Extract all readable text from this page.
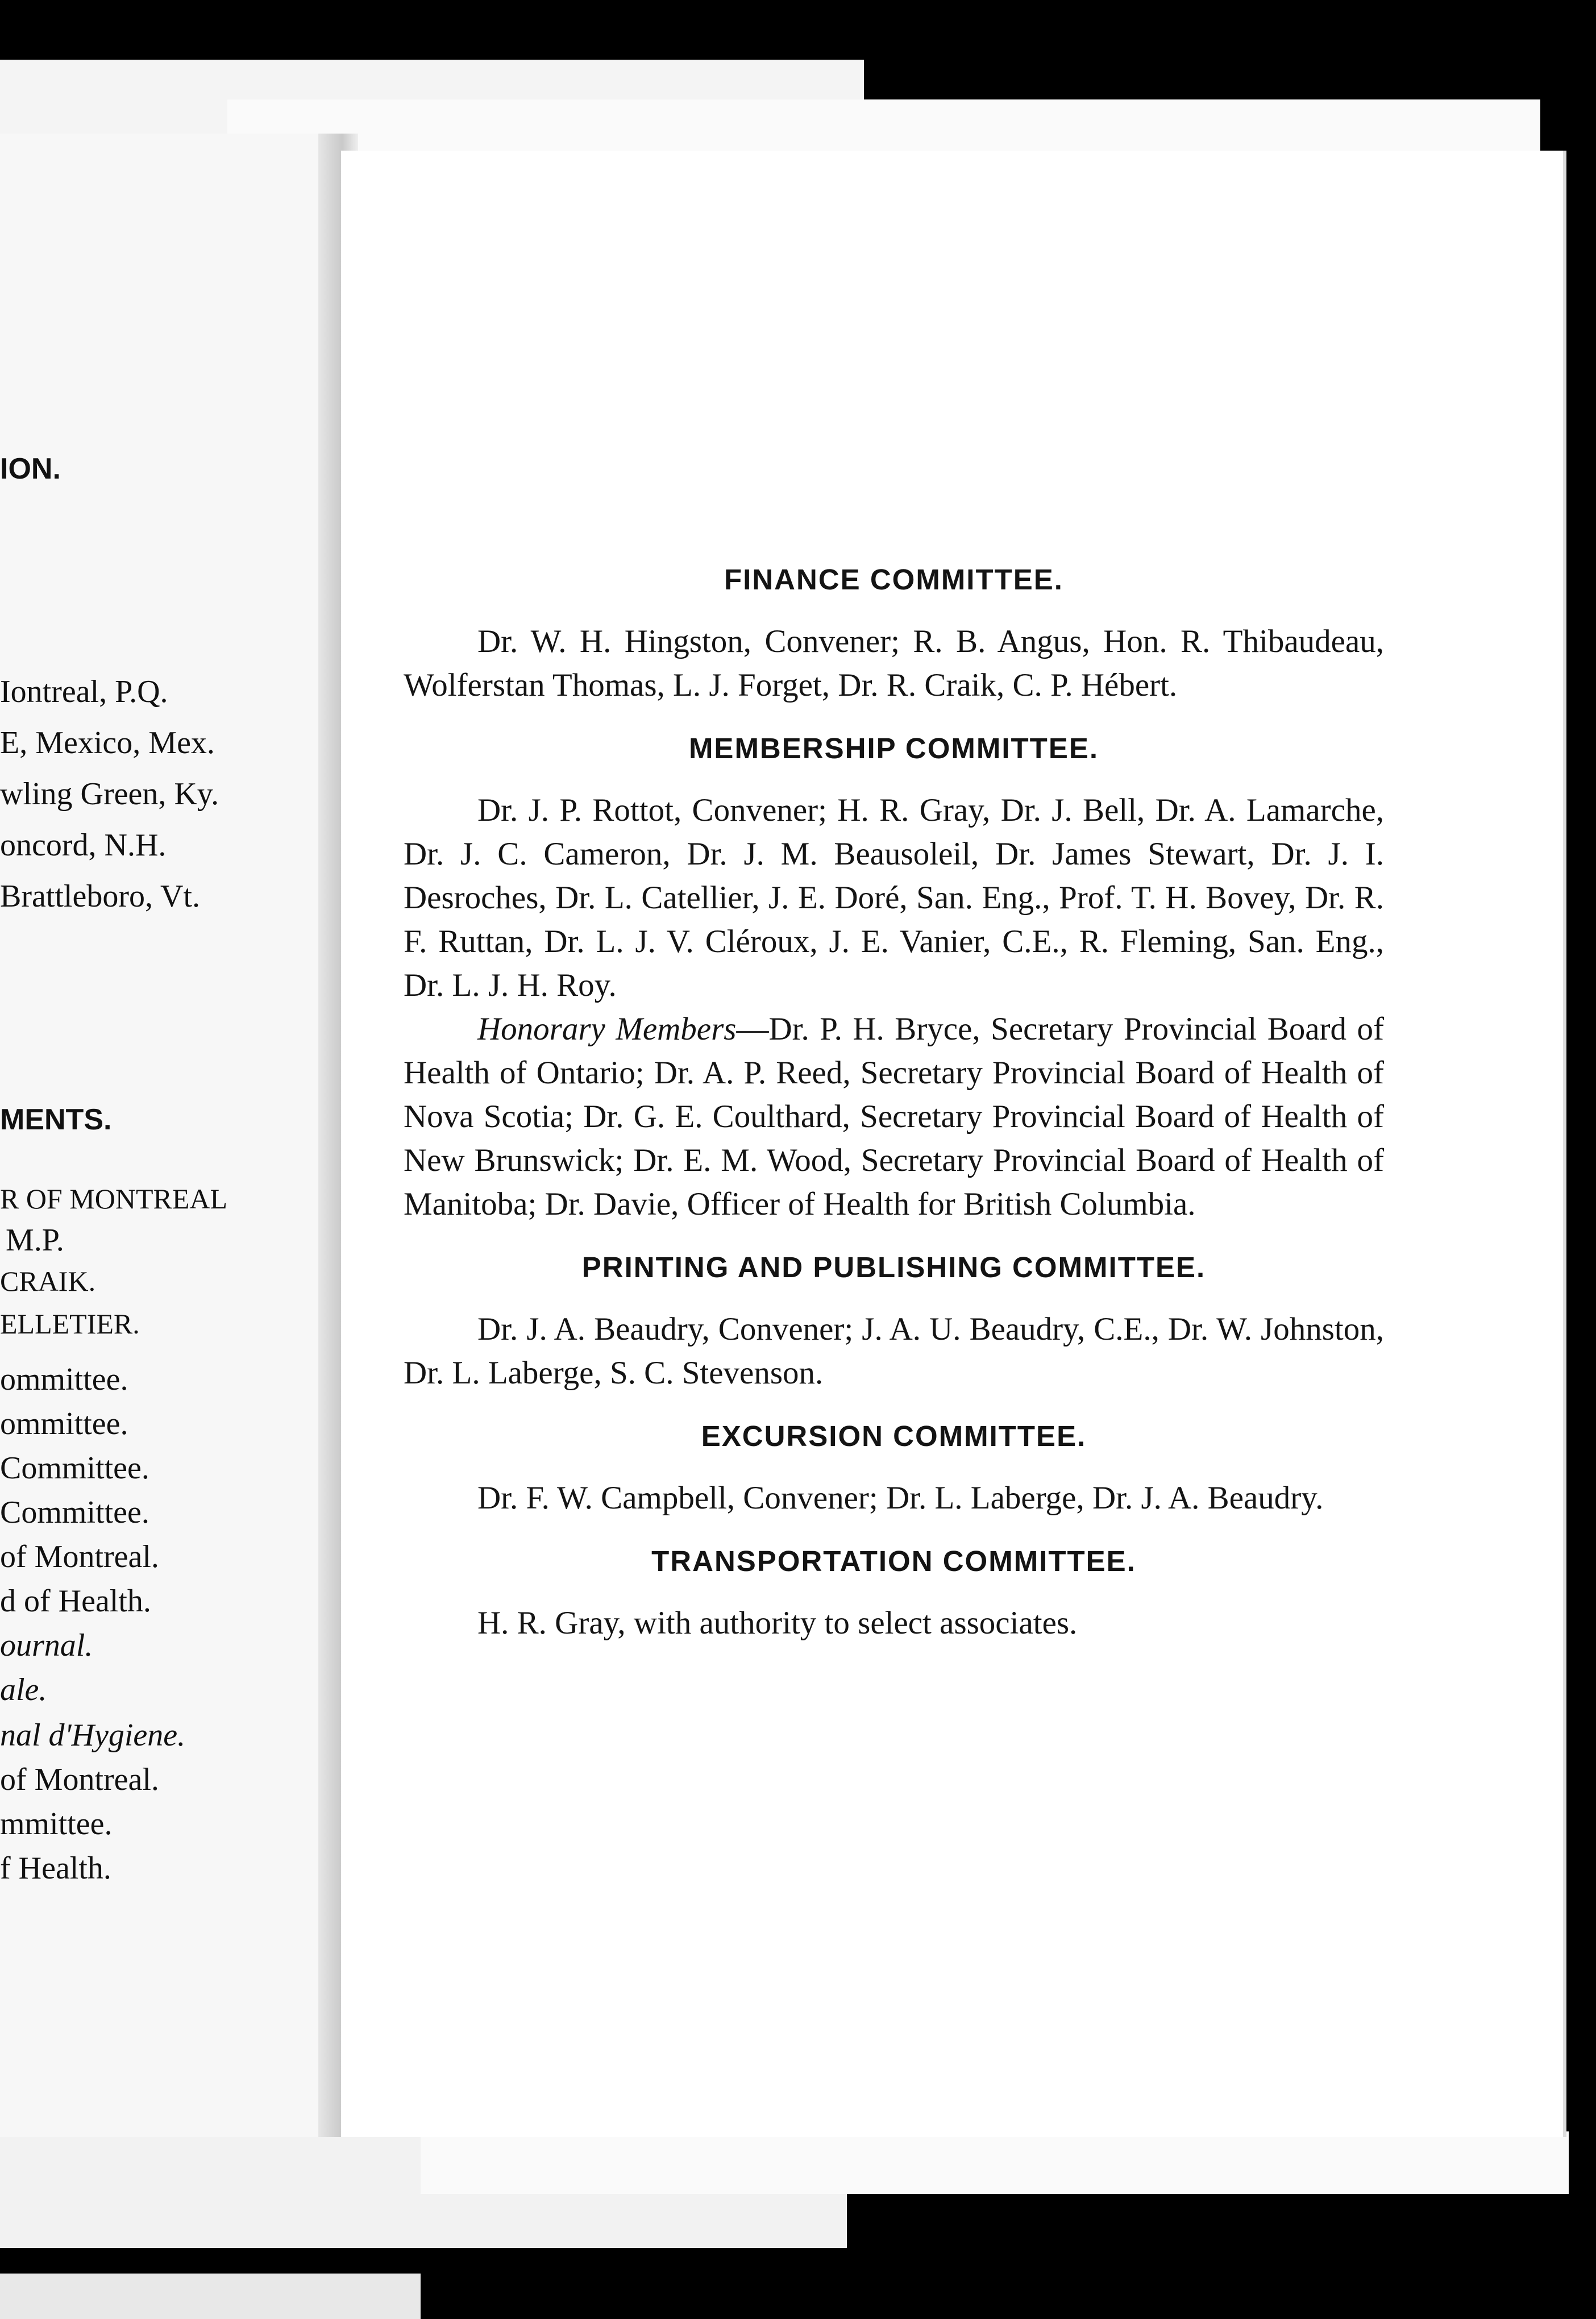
ION.
Iontreal, P.Q.
E, Mexico, Mex.
wling Green, Ky.
oncord, N.H.
Brattleboro, Vt.
MENTS.
R OF MONTREAL
M.P.
CRAIK.
ELLETIER.
ommittee.
ommittee.
Committee.
Committee.
of Montreal.
d of Health.
ournal.
ale.
nal d'Hygiene.
of Montreal.
mmittee.
f Health.
FINANCE COMMITTEE.

Dr. W. H. Hingston, Convener; R. B. Angus, Hon. R. Thibaudeau, Wolferstan Thomas, L. J. Forget, Dr. R. Craik, C. P. Hébert.

MEMBERSHIP COMMITTEE.

Dr. J. P. Rottot, Convener; H. R. Gray, Dr. J. Bell, Dr. A. Lamarche, Dr. J. C. Cameron, Dr. J. M. Beausoleil, Dr. James Stewart, Dr. J. I. Desroches, Dr. L. Catellier, J. E. Doré, San. Eng., Prof. T. H. Bovey, Dr. R. F. Ruttan, Dr. L. J. V. Cléroux, J. E. Vanier, C.E., R. Fleming, San. Eng., Dr. L. J. H. Roy.

Honorary Members—Dr. P. H. Bryce, Secretary Provincial Board of Health of Ontario; Dr. A. P. Reed, Secretary Provincial Board of Health of Nova Scotia; Dr. G. E. Coulthard, Secretary Provincial Board of Health of New Brunswick; Dr. E. M. Wood, Secretary Provincial Board of Health of Manitoba; Dr. Davie, Officer of Health for British Columbia.

PRINTING AND PUBLISHING COMMITTEE.

Dr. J. A. Beaudry, Convener; J. A. U. Beaudry, C.E., Dr. W. Johnston, Dr. L. Laberge, S. C. Stevenson.

EXCURSION COMMITTEE.

Dr. F. W. Campbell, Convener; Dr. L. Laberge, Dr. J. A. Beaudry.

TRANSPORTATION COMMITTEE.

H. R. Gray, with authority to select associates.
